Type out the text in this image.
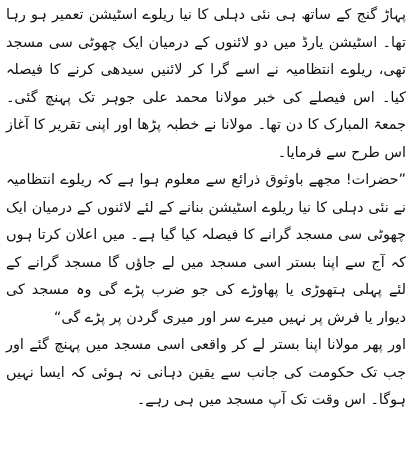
پہاڑ گنج کے ساتھ ہی نئی دہلی کا نیا ریلوے اسٹیشن تعمیر ہو رہا تھا۔ اسٹیشن یارڈ میں دو لائنوں کے درمیان ایک چھوٹی سی مسجد تھی، ریلوے انتظامیہ نے اسے گرا کر لائنیں سیدھی کرنے کا فیصلہ کیا۔ اس فیصلے کی خبر مولانا محمد علی جوہر تک پہنچ گئی۔ جمعۃ المبارک کا دن تھا۔ مولانا نے خطبہ پڑھا اور اپنی تقریر کا آغاز اس طرح سے فرمایا۔

”حضرات! مجھے باوثوق ذرائع سے معلوم ہوا ہے کہ ریلوے انتظامیہ نے نئی دہلی کا نیا ریلوے اسٹیشن بنانے کے لئے لائنوں کے درمیان ایک چھوٹی سی مسجد گرانے کا فیصلہ کیا گیا ہے۔ میں اعلان کرتا ہوں کہ آج سے اپنا بستر اسی مسجد میں لے جاؤں گا مسجد گرانے کے لئے پہلی ہتھوڑی یا پھاوڑے کی جو ضرب پڑے گی وہ مسجد کی دیوار یا فرش پر نہیں میرے سر اور میری گردن پر پڑے گی“

اور پھر مولانا اپنا بستر لے کر واقعی اسی مسجد میں پہنچ گئے اور جب تک حکومت کی جانب سے یقین دہانی نہ ہوئی کہ ایسا نہیں ہوگا۔ اس وقت تک آپ مسجد میں ہی رہے۔
